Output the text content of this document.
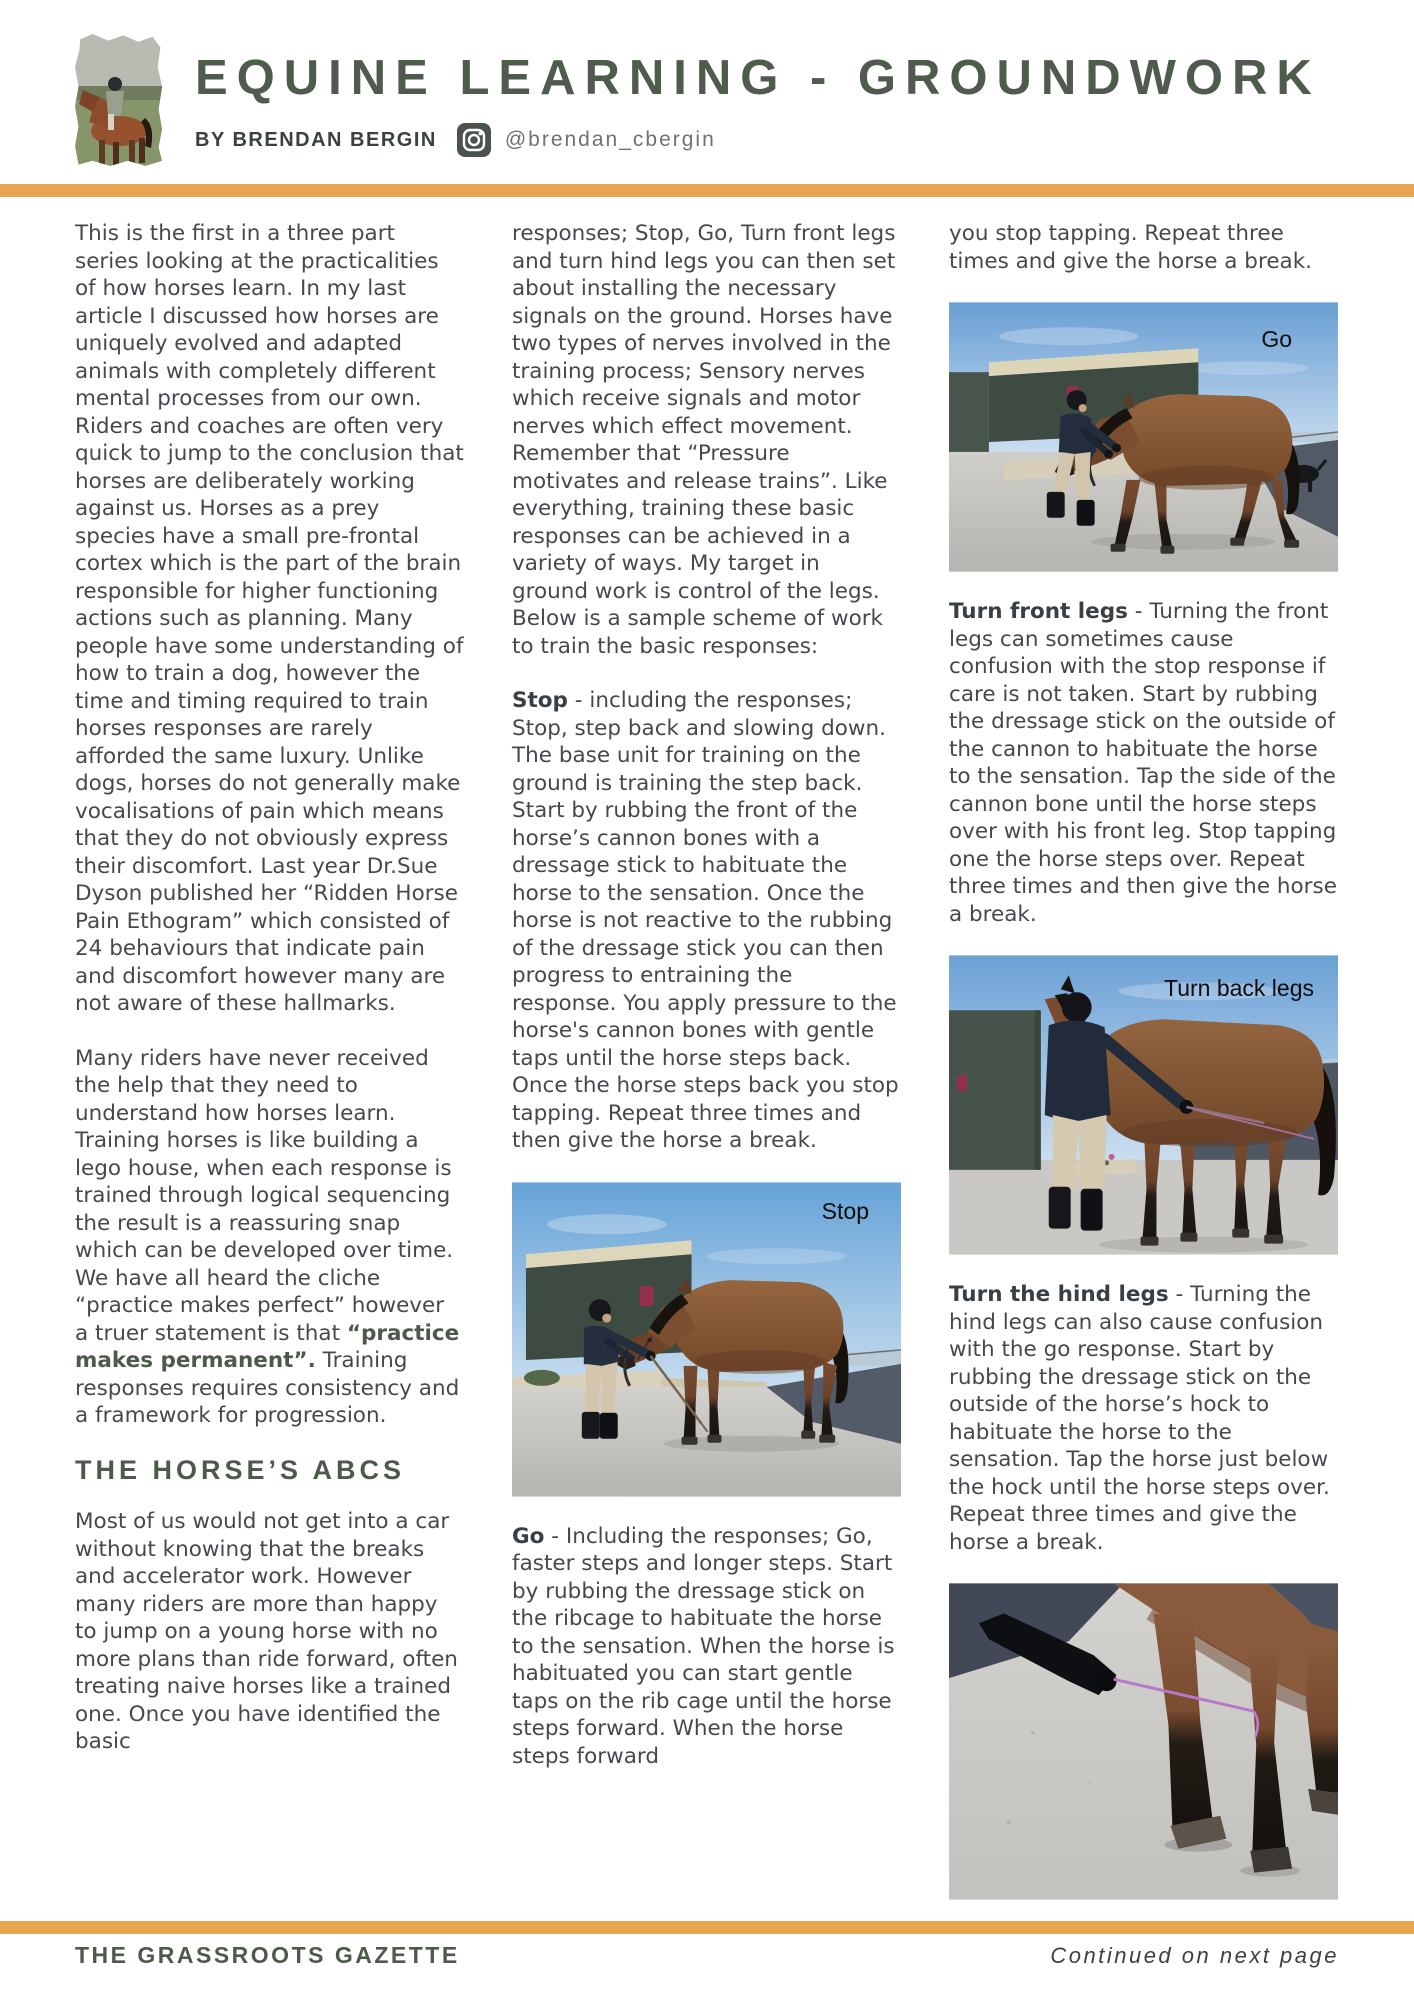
EQUINE LEARNING - GROUNDWORK
BY BRENDAN BERGIN	@brendan_cbergin

This is the first in a three part series looking at the practicalities of how horses learn. In my last article I discussed how horses are uniquely evolved and adapted animals with completely different mental processes from our own. Riders and coaches are often very quick to jump to the conclusion that horses are deliberately working against us. Horses as a prey species have a small pre-frontal cortex which is the part of the brain responsible for higher functioning actions such as planning. Many people have some understanding of how to train a dog, however the time and timing required to train horses responses are rarely afforded the same luxury. Unlike dogs, horses do not generally make vocalisations of pain which means that they do not obviously express their discomfort. Last year Dr.Sue Dyson published her “Ridden Horse Pain Ethogram” which consisted of 24 behaviours that indicate pain and discomfort however many are not aware of these hallmarks.

Many riders have never received the help that they need to understand how horses learn. Training horses is like building a lego house, when each response is trained through logical sequencing the result is a reassuring snap which can be developed over time. We have all heard the cliche “practice makes perfect” however a truer statement is that “practice makes permanent”. Training responses requires consistency and a framework for progression.

THE HORSE’S ABCS

Most of us would not get into a car without knowing that the breaks and accelerator work. However many riders are more than happy to jump on a young horse with no more plans than ride forward, often treating naive horses like a trained one. Once you have identified the basic

responses; Stop, Go, Turn front legs and turn hind legs you can then set about installing the necessary signals on the ground. Horses have two types of nerves involved in the training process; Sensory nerves which receive signals and motor nerves which effect movement. Remember that “Pressure motivates and release trains”. Like everything, training these basic responses can be achieved in a variety of ways. My target in ground work is control of the legs. Below is a sample scheme of work to train the basic responses:

Stop - including the responses; Stop, step back and slowing down. The base unit for training on the ground is training the step back. Start by rubbing the front of the horse’s cannon bones with a dressage stick to habituate the horse to the sensation. Once the horse is not reactive to the rubbing of the dressage stick you can then progress to entraining the response. You apply pressure to the horse's cannon bones with gentle taps until the horse steps back. Once the horse steps back you stop tapping. Repeat three times and then give the horse a break.

Stop

Go - Including the responses; Go, faster steps and longer steps. Start by rubbing the dressage stick on the ribcage to habituate the horse to the sensation. When the horse is habituated you can start gentle taps on the rib cage until the horse steps forward. When the horse steps forward

you stop tapping. Repeat three times and give the horse a break.

Go

Turn front legs - Turning the front legs can sometimes cause confusion with the stop response if care is not taken. Start by rubbing the dressage stick on the outside of the cannon to habituate the horse to the sensation. Tap the side of the cannon bone until the horse steps over with his front leg. Stop tapping one the horse steps over. Repeat three times and then give the horse a break.

Turn back legs

Turn the hind legs - Turning the hind legs can also cause confusion with the go response. Start by rubbing the dressage stick on the outside of the horse’s hock to habituate the horse to the sensation. Tap the horse just below the hock until the horse steps over. Repeat three times and give the horse a break.

THE GRASSROOTS GAZETTE	Continued on next page
